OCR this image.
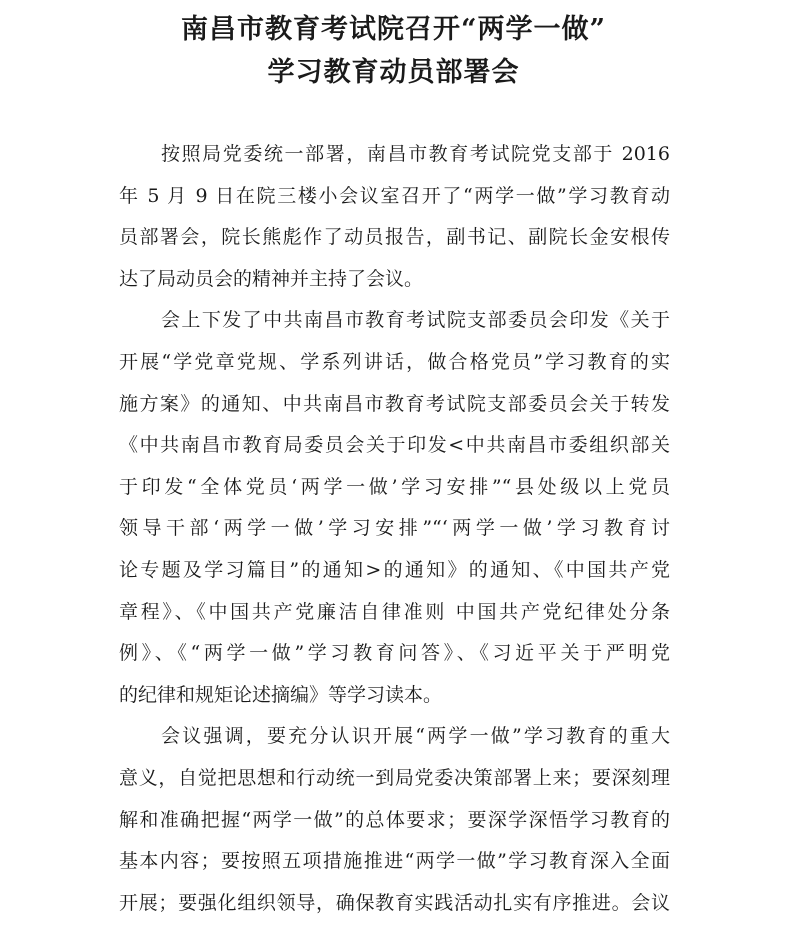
南昌市教育考试院召开“两学一做”
学习教育动员部署会
按照局党委统一部署，南昌市教育考试院党支部于 2016
年 5 月 9 日在院三楼小会议室召开了“两学一做”学习教育动
员部署会，院长熊彪作了动员报告，副书记、副院长金安根传
达了局动员会的精神并主持了会议。
会上下发了中共南昌市教育考试院支部委员会印发《关于
开展“学党章党规、学系列讲话，做合格党员”学习教育的实
施方案》的通知、中共南昌市教育考试院支部委员会关于转发
《中共南昌市教育局委员会关于印发<中共南昌市委组织部关
于印发“全体党员‘两学一做’学习安排”“县处级以上党员
领导干部‘两学一做’学习安排”“‘两学一做’学习教育讨
论专题及学习篇目”的通知>的通知》的通知、《中国共产党
章程》、《中国共产党廉洁自律准则 中国共产党纪律处分条
例》、《“两学一做”学习教育问答》、《习近平关于严明党
的纪律和规矩论述摘编》等学习读本。
会议强调，要充分认识开展“两学一做”学习教育的重大
意义，自觉把思想和行动统一到局党委决策部署上来；要深刻理
解和准确把握“两学一做”的总体要求；要深学深悟学习教育的
基本内容；要按照五项措施推进“两学一做”学习教育深入全面
开展；要强化组织领导，确保教育实践活动扎实有序推进。会议
